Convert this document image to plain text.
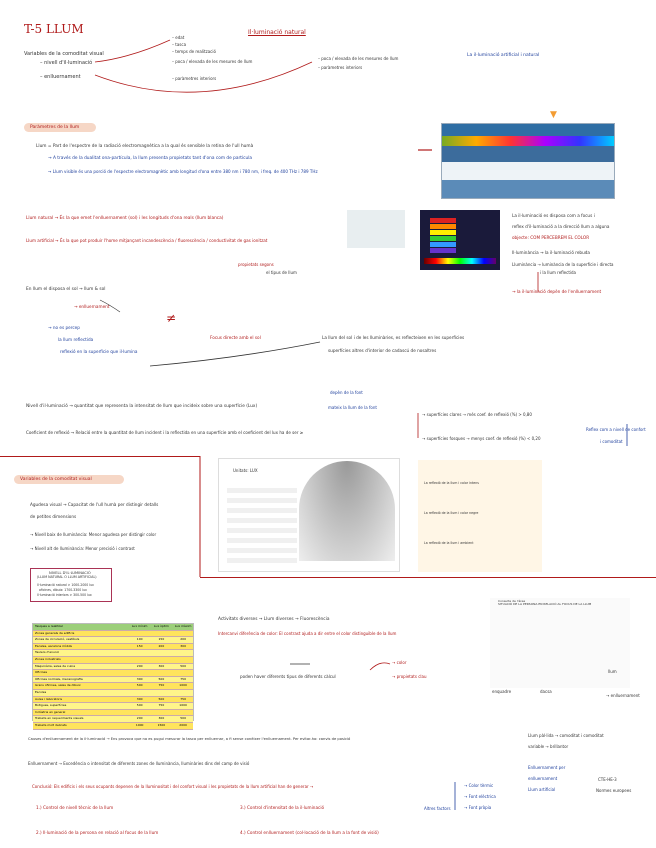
T-5 LLUM	Il·luminació natural
Variables de la comoditat visual
– nivell d'il·luminació
– enlluernament
– edat
– tasca
– temps de realització
– poca / elevada de les mesures de llum
– paràmetres interiors
– poca / elevada de les mesures de llum
– paràmetres interiors
La il·luminació artificial i natural
Paràmetres de la llum
Llum = Part de l'espectre de la radiació electromagnètica a la qual és sensible la retina de l'ull humà
→ A través de la dualitat ona-partícula, la llum presenta propietats tant d'ona com de partícula
→ Llum visible és una porció de l'espectre electromagnètic amb longitud d'ona entre 380 nm i 780 nm, i freq. de 400 THz i 789 THz
▼
Llum natural → És la que emet l'enlluernament (sol) i les longituds d'ona reals (llum blanca)
Llum artificial → És la que pot produir l'home mitjançant incandescència / fluorescència / conductivitat de gas ionitzat
propietats segons
el tipus de llum
La il·luminació es disposa com a focus i
reflex d'il·luminació a la direcció llum a alguna
objecte: COM PERCEBREM EL COLOR
Il·luminància → la il·luminació rebuda
Lluminància → luminància de la superfície i directa
i la llum reflectida
→ la il·luminació depèn de l'enlluernament
En llum el disposa el sol → llum & sol
→ enlluernament
→ no es percep
la llum reflectida
reflexió en la superfície que il·lumina
≠
Focus directe amb el sol	La llum del sol i de les lluminàries, es reflecteixen en les superfícies
superfícies altres d'interior de cadascú de nosaltres
Nivell d'il·luminació → quantitat que representa la intensitat de llum que incideix sobre una superfície (Lux)
Coeficient de reflexió → Relació entre la quantitat de llum incident i la reflectida en una superfície amb el coeficient del lux ha de ser ≥
depèn de la font
mateix la llum de la font
→ superfícies clares → més coef. de reflexió (%) > 0,80
→ superfícies fosques → menys coef. de reflexió (%) < 0,20
Reflex com a nivell de confort
i comoditat
Variables de la comoditat visual
Agudesa visual → Capacitat de l'ull humà per distingir detalls
de petites dimensions
→ Nivell baix de lluminància: Menor agudesa per distingir color
→ Nivell alt de lluminància: Menor precisió i contrast
NIVELL D'IL·LUMINACIÓ
(LLUM NATURAL O LLUM ARTIFICIAL)
Il·luminació natural > 1000-2000 lux
oficines, dibuix: 1700-3300 lux
Il·luminació interiors > 300-500 lux
Unitats: LUX
La reflexió de la llum i color intens
La reflexió de la llum i color negre
La reflexió de la llum i ambient
Tasques a realitzar	Lux mínim	Lux òptim	Lux màxim
Zones generals de edificis
Zones de circulació, vestíbuls	100	150	200
Escales, escalons mòbils	150	200	300
Taulers d'anunci
Zones industrials
Maquinària, sales de cuina	200	300	500
Oficines
Oficines normals, mecanografia	300	500	750
Grans oficines, sales de dibuix	500	750	1000
Escoles
Aules i laboratoris	300	500	750
Botigues, superfícies	500	750	1000
Indústria en general
Treballs en requeriments visuals	200	300	500
Treballs molt delicats	1000	1500	2000
Activitats diverses → Llum diverses → Fluorescència
Intercanvi diferència de color: El contrast ajuda a dir entre el color distinguible de la llum
poden haver diferents tipus de diferents càlcul
→ color
→ propietats clau
Consulta de l'àrea
SITUACIÓ DE LA PERSONA EN RELACIÓ AL FOCUS DE LA LLUM
enquadre	dacsa
llum
→ enlluernament
Causes d'enlluernament de la il·luminació → Ens provoca que no es pugui mesurar la tasca per enlluernar, a fi sense conèixer l'enlluernament. Per evitar-ho: canvis de posició
Enlluernament → Excedència o intensitat de diferents zones de lluminància, lluminàries dins del camp de visió
Conclusió: Els edificis i els seus ocupants depenen de la lluminositat i del confort visual i les propietats de la llum artificial han de generar →
1.) Control de nivell tècnic de la llum
2.) Il·luminació de la persona en relació al focus de la llum
3.) Control d'intensitat de la il·luminació
4.) Control enlluernament (col·locació de la llum a la font de visió)
Altres factors
→ Color tèrmic
→ Font elèctrica
→ Font pròpia
Llum pàl·lida → comoditat i comoditat
variable → brillantor
Enlluernament per
enlluernament
Llum artificial
CTE-HE-3
Normes europees
